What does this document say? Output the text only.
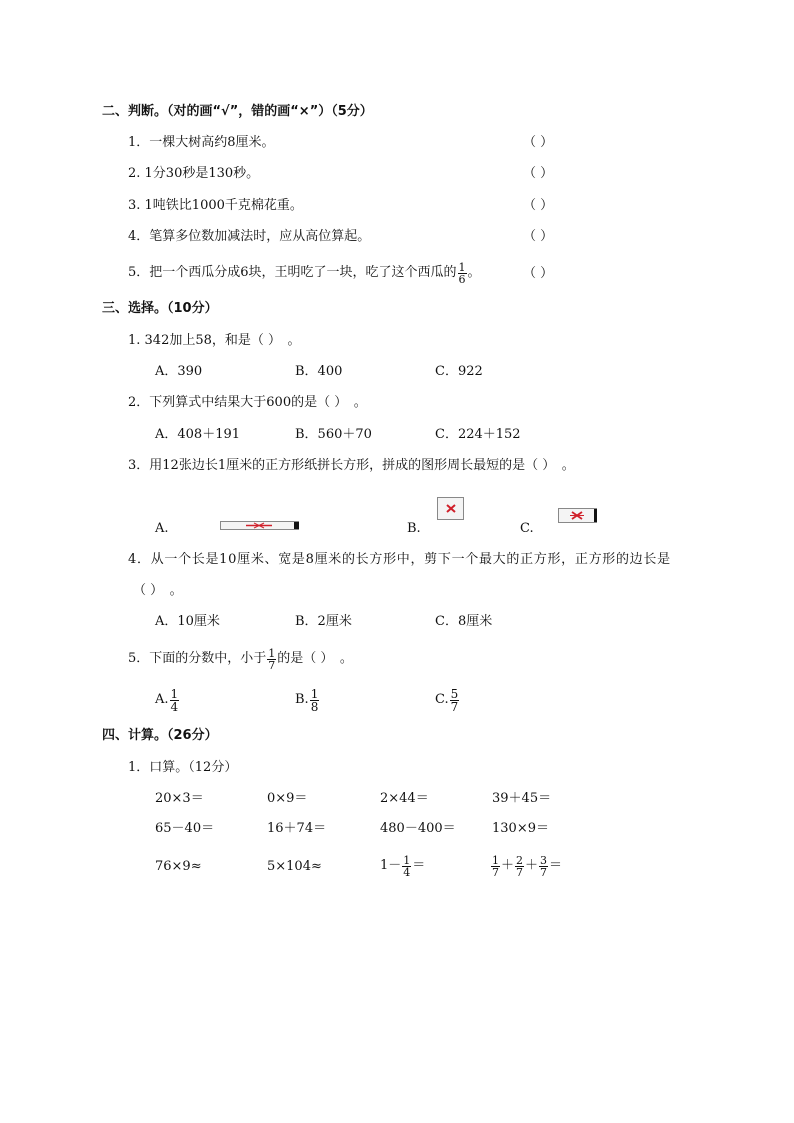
二、判断。（对的画“√”，错的画“×”）（5分）
1．一棵大树高约8厘米。	（ ）
2. 1分30秒是130秒。	（ ）
3. 1吨铁比1000千克棉花重。	（ ）
4．笔算多位数加减法时，应从高位算起。	（ ）
5．把一个西瓜分成6块，王明吃了一块，吃了这个西瓜的 $\frac{1}{6}$ 。	（ ）
三、选择。（10分）
1. 342加上58，和是（ ）　。
A．390	B．400	C．922
2．下列算式中结果大于600的是（ ）　。
A．408＋191	B．560＋70	C．224＋152
3．用12张边长1厘米的正方形纸拼长方形，拼成的图形周长最短的是（ ）　。
A.	B.	C.
4．从一个长是10厘米、宽是8厘米的长方形中，剪下一个最大的正方形，正方形的边长是
（ ）　。
A．10厘米	B．2厘米	C．8厘米
5．下面的分数中，小于 $\frac{1}{7}$ 的是（ ）　。
A. $\frac{1}{4}$	B. $\frac{1}{8}$	C. $\frac{5}{7}$
四、计算。（26分）
1．口算。（12分）
20×3＝	0×9＝	2×44＝	39＋45＝
65－40＝	16＋74＝	480－400＝	130×9＝
76×9≈	5×104≈	$1- \frac{1}{4}$ ＝	$\frac{1}{7} + \frac{2}{7} + \frac{3}{7}$ ＝
